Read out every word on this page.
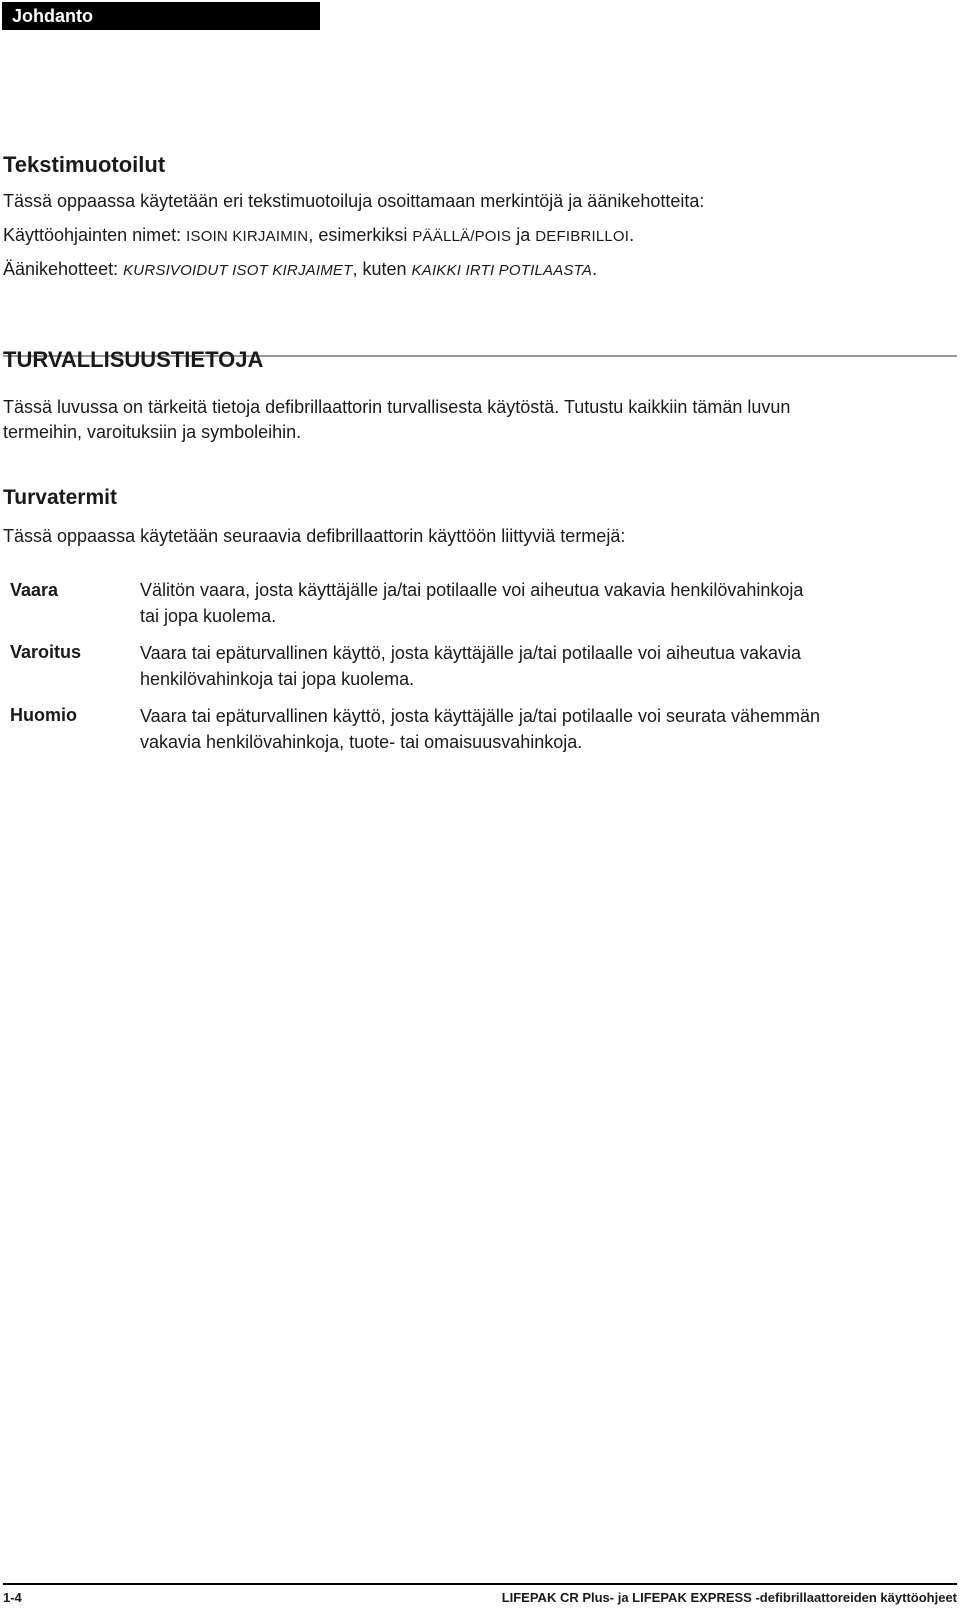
Johdanto
Tekstimuotoilut
Tässä oppaassa käytetään eri tekstimuotoiluja osoittamaan merkintöjä ja äänikehotteita:
Käyttöohjainten nimet: ISOIN KIRJAIMIN, esimerkiksi PÄÄLLÄ/POIS ja DEFIBRILLOI.
Äänikehotteet: KURSIVOIDUT ISOT KIRJAIMET, kuten KAIKKI IRTI POTILAASTA.
TURVALLISUUSTIETOJA
Tässä luvussa on tärkeitä tietoja defibrillaattorin turvallisesta käytöstä. Tutustu kaikkiin tämän luvun
termeihin, varoituksiin ja symboleihin.
Turvatermit
Tässä oppaassa käytetään seuraavia defibrillaattorin käyttöön liittyviä termejä:
Vaara	Välitön vaara, josta käyttäjälle ja/tai potilaalle voi aiheutua vakavia henkilövahinkoja
tai jopa kuolema.
Varoitus	Vaara tai epäturvallinen käyttö, josta käyttäjälle ja/tai potilaalle voi aiheutua vakavia
henkilövahinkoja tai jopa kuolema.
Huomio	Vaara tai epäturvallinen käyttö, josta käyttäjälle ja/tai potilaalle voi seurata vähemmän
vakavia henkilövahinkoja, tuote- tai omaisuusvahinkoja.
1-4	LIFEPAK CR Plus- ja LIFEPAK EXPRESS -defibrillaattoreiden käyttöohjeet
